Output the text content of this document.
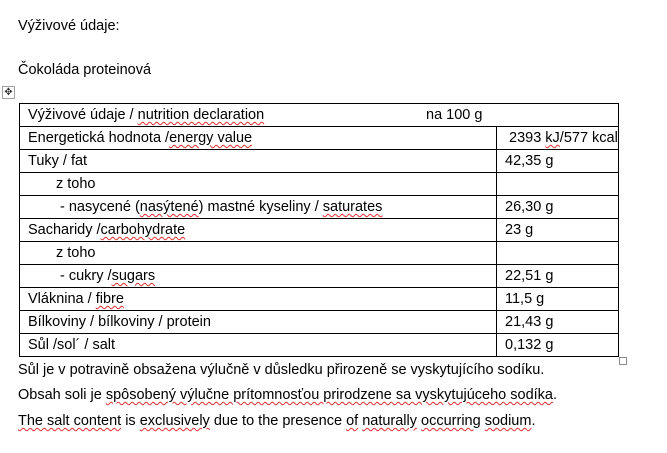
Výživové údaje:
Čokoláda proteinová
✥
Výživové údaje / nutrition declaration na 100 g	

Energetická hodnota /energy value	2393 kJ/577 kcal
Tuky / fat	42,35 g
z toho	
- nasycené (nasýtené) mastné kyseliny / saturates	26,30 g
Sacharidy /carbohydrate	23 g
z toho	
- cukry /sugars	22,51 g
Vláknina / fibre	11,5 g
Bílkoviny / bílkoviny / protein	21,43 g
Sůl /sol´ / salt	0,132 g
Sůl je v potravině obsažena výlučně v důsledku přirozeně se vyskytujícího sodíku.
Obsah soli je spôsobený výlučne prítomnosťou prirodzene sa vyskytujúceho sodíka.
The salt content is exclusively due to the presence of naturally occurring sodium.
